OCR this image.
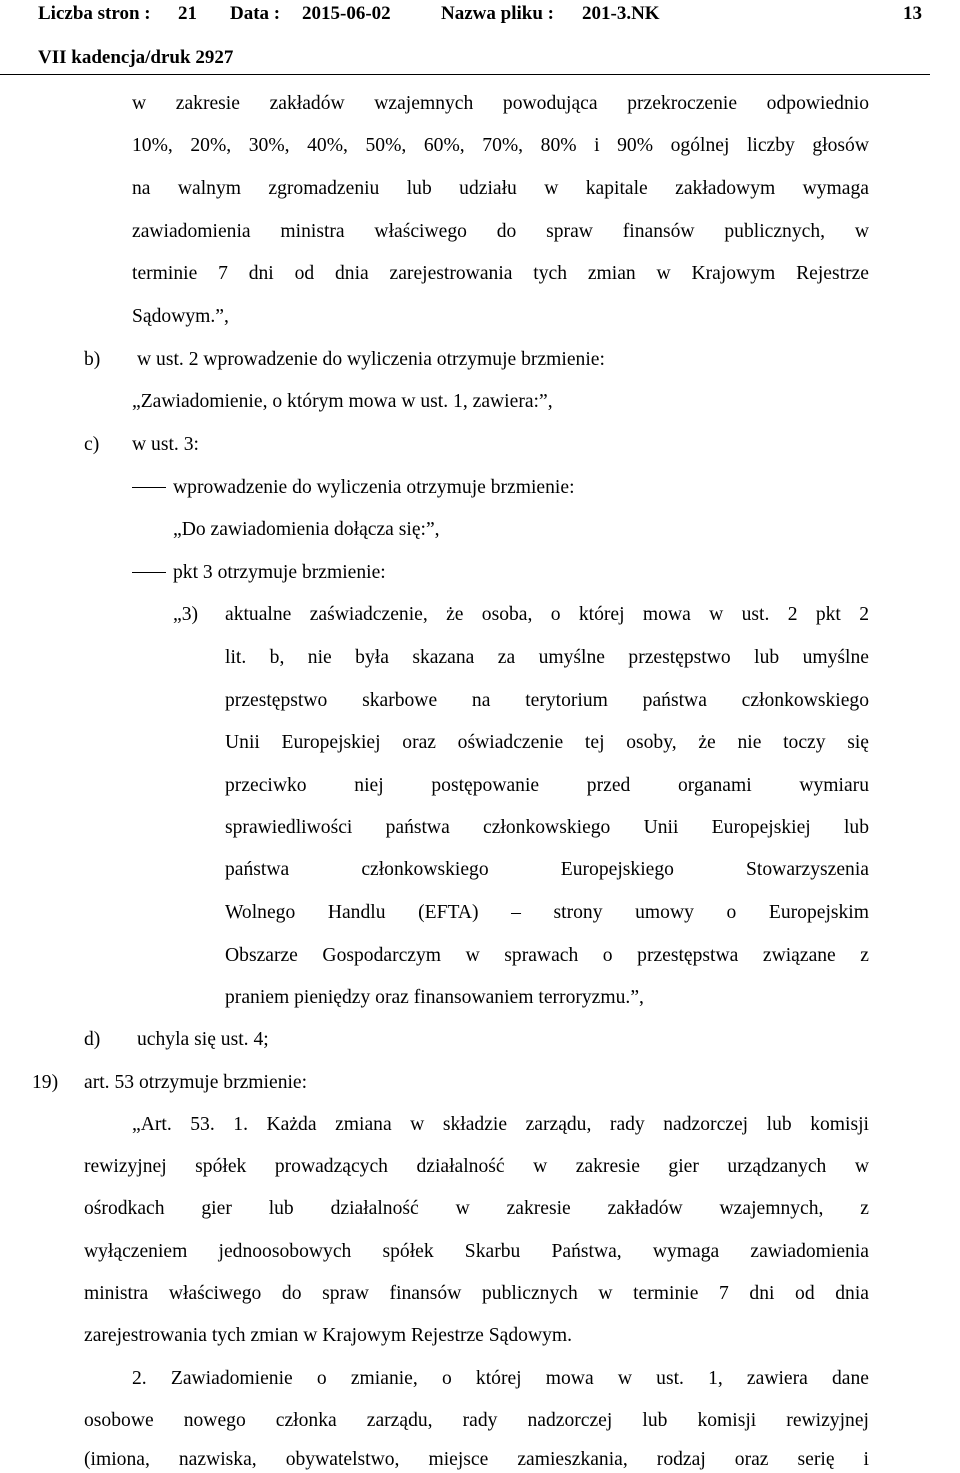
Liczba stron : 21 Data : 2015-06-02	Nazwa pliku : 201-3.NK	13
VII kadencja/druk 2927
w zakresie zakładów wzajemnych powodująca przekroczenie odpowiednio
10%, 20%, 30%, 40%, 50%, 60%, 70%, 80% i 90% ogólnej liczby głosów
na walnym zgromadzeniu lub udziału w kapitale zakładowym wymaga
zawiadomienia ministra właściwego do spraw finansów publicznych, w
terminie 7 dni od dnia zarejestrowania tych zmian w Krajowym Rejestrze
Sądowym.”,
b) w ust. 2 wprowadzenie do wyliczenia otrzymuje brzmienie:
„Zawiadomienie, o którym mowa w ust. 1, zawiera:”,
c) w ust. 3:
wprowadzenie do wyliczenia otrzymuje brzmienie:
„Do zawiadomienia dołącza się:”,
pkt 3 otrzymuje brzmienie:
„3) aktualne zaświadczenie, że osoba, o której mowa w ust. 2 pkt 2
lit. b, nie była skazana za umyślne przestępstwo lub umyślne
przestępstwo skarbowe na terytorium państwa członkowskiego
Unii Europejskiej oraz oświadczenie tej osoby, że nie toczy się
przeciwko niej postępowanie przed organami wymiaru
sprawiedliwości państwa członkowskiego Unii Europejskiej lub
państwa członkowskiego Europejskiego Stowarzyszenia
Wolnego Handlu (EFTA) – strony umowy o Europejskim
Obszarze Gospodarczym w sprawach o przestępstwa związane z
praniem pieniędzy oraz finansowaniem terroryzmu.”,
d) uchyla się ust. 4;
19) art. 53 otrzymuje brzmienie:
„Art. 53. 1. Każda zmiana w składzie zarządu, rady nadzorczej lub komisji
rewizyjnej spółek prowadzących działalność w zakresie gier urządzanych w
ośrodkach gier lub działalność w zakresie zakładów wzajemnych, z
wyłączeniem jednoosobowych spółek Skarbu Państwa, wymaga zawiadomienia
ministra właściwego do spraw finansów publicznych w terminie 7 dni od dnia
zarejestrowania tych zmian w Krajowym Rejestrze Sądowym.
2. Zawiadomienie o zmianie, o której mowa w ust. 1, zawiera dane
osobowe nowego członka zarządu, rady nadzorczej lub komisji rewizyjnej
(imiona, nazwiska, obywatelstwo, miejsce zamieszkania, rodzaj oraz serię i
